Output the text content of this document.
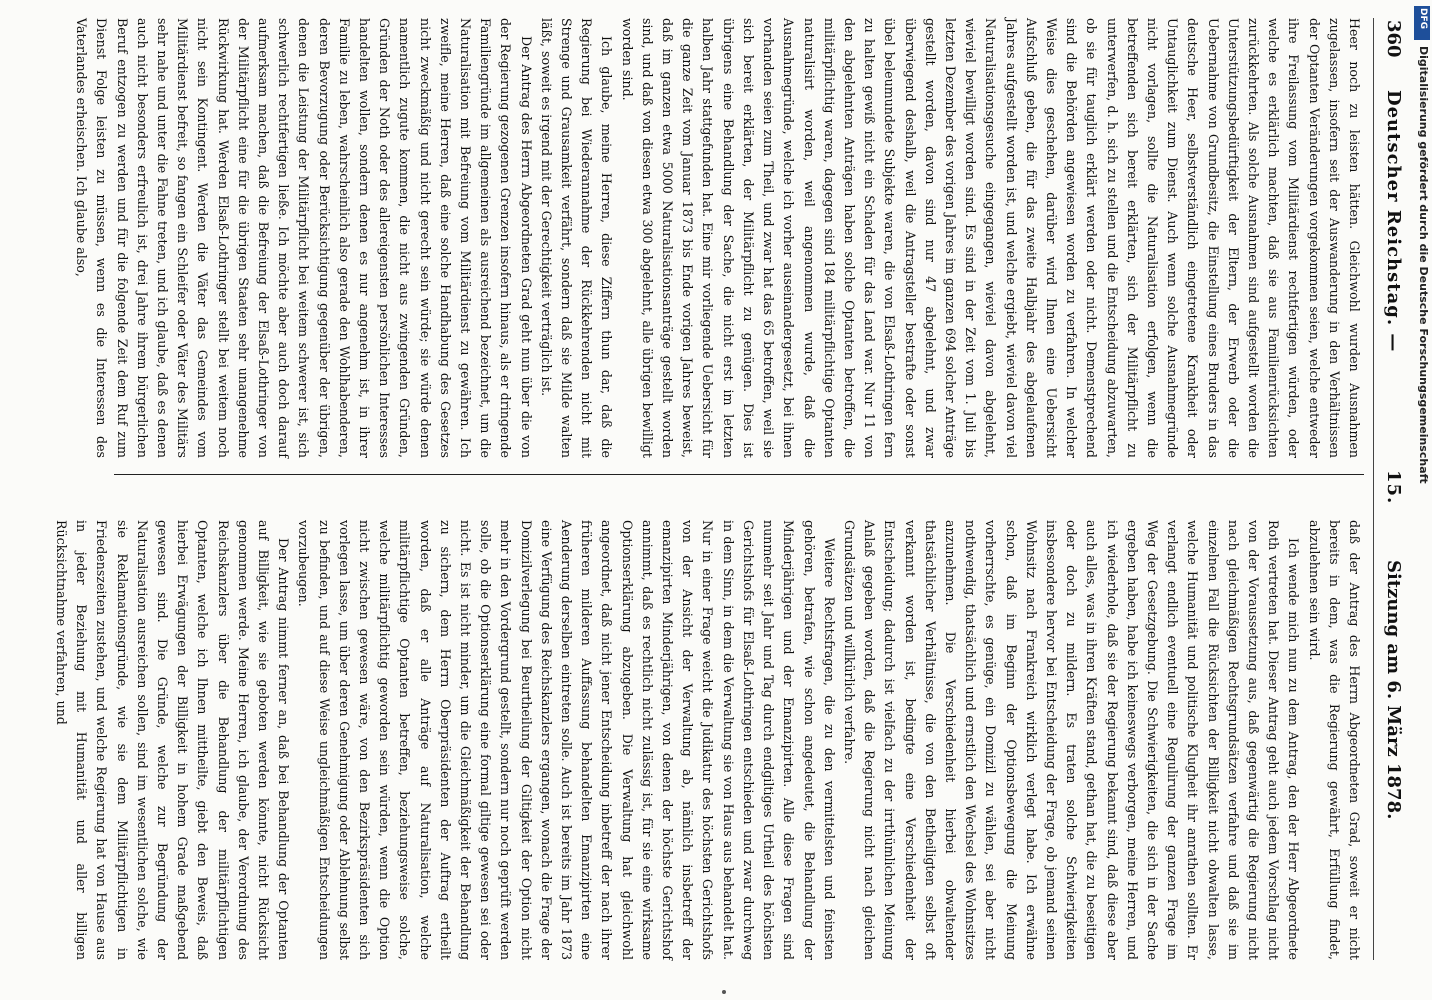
360
Deutscher Reichstag. —
15.
Sitzung am 6. März 1878.

Heer noch zu leisten hätten. Gleichwohl wurden Ausnahmen zugelassen, insofern seit der Auswanderung in den Verhältnissen der Optanten Veränderungen vorgekommen seien, welche entweder ihre Freilassung vom Militärdienst rechtfertigen würden, oder welche es erklärlich machten, daß sie aus Familienrücksichten zurückkehrten. Als solche Ausnahmen sind aufgestellt worden die Unterstützungsbedürftigkeit der Eltern, der Erwerb oder die Uebernahme von Grundbesitz, die Einstellung eines Bruders in das deutsche Heer, selbstverständlich eingetretene Krankheit oder Untauglichkeit zum Dienst. Auch wenn solche Ausnahmegründe nicht vorlagen, sollte die Naturalisation erfolgen, wenn die betreffenden sich bereit erklärten, sich der Militärpflicht zu unterwerfen, d. h. sich zu stellen und die Entscheidung abzuwarten, ob sie für tauglich erklärt werden oder nicht. Demenstprechend sind die Behörden angewiesen worden zu verfahren. In welcher Weise dies geschehen, darüber wird Ihnen eine Uebersicht Aufschluß geben, die für das zweite Halbjahr des abgelaufenen Jahres aufgestellt worden ist, und welche ergiebt, wieviel davon viel Naturalisationsgesuche eingegangen, wieviel davon abgelehnt, wieviel bewilligt worden sind. Es sind in der Zeit vom 1. Juli bis letzten Dezember des vorigen Jahres im ganzen 694 solcher Anträge gestellt worden, davon sind nur 47 abgelehnt, und zwar überwiegend deshalb, weil die Antragsteller bestrafte oder sonst übel beleumundete Subjekte waren, die von Elsaß-Lothringen fern zu halten gewiß nicht ein Schaden für das Land war. Nur 11 von den abgelehnten Anträgen haben solche Optanten betroffen, die militärpflichtig waren, dagegen sind 184 militärpflichtige Optanten naturalisirt worden, weil angenommen wurde, daß die Ausnahmegründe, welche ich vorher auseinandergesetzt, bei ihnen vorhanden seien zum Theil, und zwar hat das 65 betroffen, weil sie sich bereit erklärten, der Militärpflicht zu genügen. Dies ist übrigens eine Behandlung der Sache, die nicht erst im letzten halben Jahr stattgefunden hat. Eine mir vorliegende Uebersicht für die ganze Zeit vom Januar 1873 bis Ende vorigen Jahres beweist, daß im ganzen etwa 5000 Naturalisationsanträge gestellt worden sind, und daß von diesen etwa 300 abgelehnt, alle übrigen bewilligt worden sind.

Ich glaube, meine Herren, diese Ziffern thun dar, daß die Regierung bei Wiederannahme der Rückkehrenden nicht mit Strenge und Grausamkeit verfährt, sondern daß sie Milde walten läßt, soweit es irgend mit der Gerechtigkeit verträglich ist.

Der Antrag des Herrn Abgeordneten Grad geht nun über die von der Regierung gezogenen Grenzen insofern hinaus, als er dringende Familiengründe im allgemeinen als ausreichend bezeichnet, um die Naturalisation mit Befreiung vom Militärdienst zu gewähren. Ich zweifle, meine Herren, daß eine solche Handhabung des Gesetzes nicht zweckmäßig und nicht gerecht sein würde; sie würde denen namentlich zugute kommen, die nicht aus zwingenden Gründen, Gründen der Noth oder des allereigensten persönlichen Interesses handelten wollen, sondern denen es nur angenehm ist, in ihrer Familie zu leben, wahrscheinlich also gerade den Wohlhabenderen, deren Bevorzugung oder Berücksichtigung gegenüber der übrigen, denen die Leistung der Militärpflicht bei weitem schwerer ist, sich schwerlich rechtfertigen ließe. Ich möchte aber auch doch darauf aufmerksam machen, daß die Befreiung der Elsaß-Lothringer von der Militärpflicht eine für die übrigen Staaten sehr unangenehme Rückwirkung hat. Werden Elsaß-Lothringer stellt bei weitem noch nicht sein Kontingent. Werden die Väter das Gemeindes vom Militärdienst befreit, so fangen ein Schleifer oder Väter des Militärs sehr nahe und unter die Fahne treten, und ich glaube, daß es denen auch nicht besonders erfreulich ist, drei Jahre ihrem bürgerlichen Beruf entzogen zu werden und für die folgende Zeit dem Ruf zum Dienst Folge leisten zu müssen, wenn es die Interessen des Vaterlandes erheischen. Ich glaube also,

daß der Antrag des Herrn Abgeordneten Grad, soweit er nicht bereits in dem, was die Regierung gewährt, Erfüllung findet, abzulehnen sein wird.

Ich wende mich nun zu dem Antrag, den der Herr Abgeordnete Roth vertreten hat. Dieser Antrag geht auch jedem Vorschlag nicht von der Voraussetzung aus, daß gegenwärtig die Regierung nicht nach gleichmäßigen Rechtsgrundsätzen verfahre und daß sie im einzelnen Fall die Rücksichten der Billigkeit nicht obwalten lasse, welche Humanität und politische Klugheit ihr anrathen sollten. Er verlangt endlich eventuell eine Regulirung der ganzen Frage im Weg der Gesetzgebung. Die Schwierigkeiten, die sich in der Sache ergeben haben, habe ich keineswegs verborgen, meine Herren, und ich wiederhole, daß sie der Regierung bekannt sind, daß diese aber auch alles, was in ihren Kräften stand, gethan hat, die zu beseitigen oder doch zu mildern. Es traten solche Schwierigkeiten insbesondere hervor bei Entscheidung der Frage, ob jemand seinen Wohnsitz nach Frankreich wirklich verlegt habe. Ich erwähne schon, daß im Beginn der Optionsbewegung die Meinung vorherrschte, es genüge, ein Domizil zu wählen, sei aber nicht nothwendig, thatsächlich und ernstlich den Wechsel des Wohnsitzes anzunehmen. Die Verschiedenheit hierbei obwaltender thatsächlicher Verhältnisse, die von den Betheiligten selbst oft verkannt worden ist, bedingte eine Verschiedenheit der Entscheidung; dadurch ist vielfach zu der irrthümlichen Meinung Anlaß gegeben worden, daß die Regierung nicht nach gleichen Grundsätzen und willkürlich verfahre.

Weitere Rechtsfragen, die zu den vermittelsten und feinsten gehören, betrafen, wie schon angedeutet, die Behandlung der Minderjährigen und der Emanzipirten. Alle diese Fragen sind nunmehr seit Jahr und Tag durch endgiltiges Urtheil des höchsten Gerichtshofs für Elsaß-Lothringen entschieden und zwar durchweg in dem Sinn, in dem die Verwaltung sie von Haus aus behandelt hat. Nur in einer Frage weicht die Judikatur des höchsten Gerichtshofs von der Ansicht der Verwaltung ab, nämlich insbetreff der emanzipirten Minderjährigen, von denen der höchste Gerichtshof annimmt, daß es rechtlich nicht zulässig ist, für sie eine wirksame Optionserklärung abzugeben. Die Verwaltung hat gleichwohl angeordnet, daß nicht jener Entscheidung inbetreff der nach ihrer früheren milderen Auffassung behandelten Emanzipirten eine Aenderung derselben eintreten solle. Auch ist bereits im Jahr 1873 eine Verfügung des Reichskanzlers ergangen, wonach die Frage der Domizilverlegung bei Beurtheilung der Giltigkeit der Option nicht mehr in den Vordergrund gestellt, sondern nur noch geprüft werden solle, ob die Optionserklärung eine formal giltige gewesen sei oder nicht. Es ist nicht minder, um die Gleichmäßigkeit der Behandlung zu sichern, dem Herrn Oberpräsidenten der Auftrag ertheilt worden, daß er alle Anträge auf Naturalisation, welche militärpflichtige Optanten betreffen, beziehungsweise solche, welche militärpflichtig geworden sein würden, wenn die Option nicht zwischen gewesen wäre, von den Bezirkspräsidenten sich vorlegen lasse, um über deren Genehmigung oder Ablehnung selbst zu befinden, und auf diese Weise ungleichmäßigen Entscheidungen vorzubeugen.

Der Antrag nimmt ferner an, daß bei Behandlung der Optanten auf Billigkeit, wie sie geboten werden könnte, nicht Rücksicht genommen werde. Meine Herren, ich glaube, der Verordnung des Reichskanzlers über die Behandlung der militärpflichtigen Optanten, welche ich Ihnen mittheilte, giebt den Beweis, daß hierbei Erwägungen der Billigkeit in hohem Grade maßgebend gewesen sind. Die Gründe, welche zur Begründung der Naturalisation ausreichen sollen, sind im wesentlichen solche, wie sie Reklamationsgründe, wie sie dem Militärpflichtigen in Friedenszeiten zustehen, und welche Regierung hat von Hause aus in jeder Beziehung mit Humanität und aller billigen Rücksichtnahme verfahren, und

DFG
Digitalisierung gefördert durch die Deutsche Forschungsgemeinschaft
